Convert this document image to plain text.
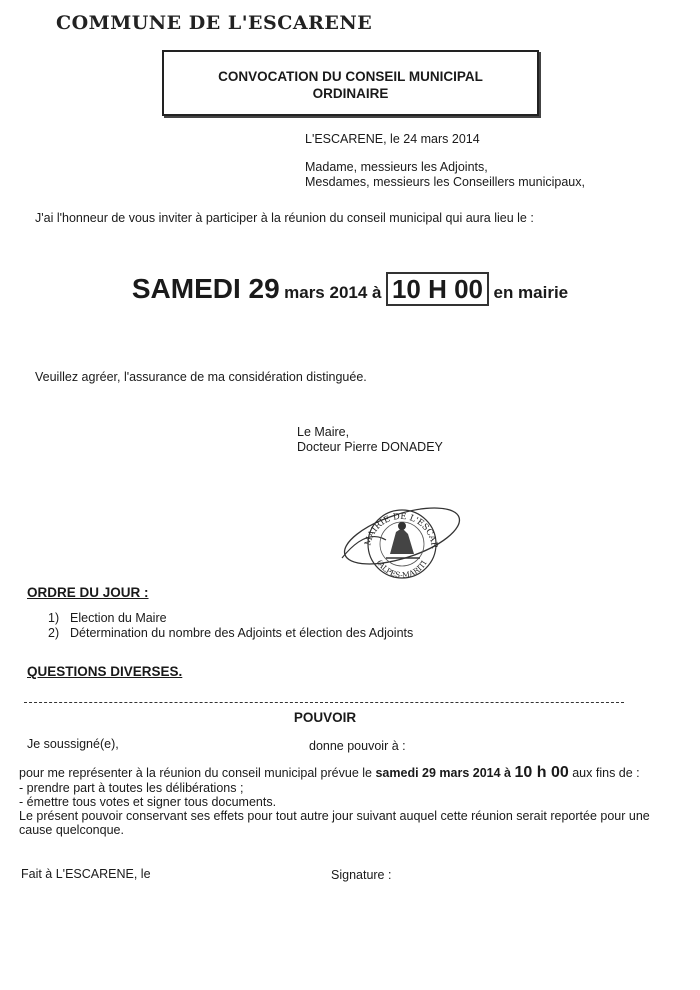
COMMUNE DE L'ESCARENE
CONVOCATION DU CONSEIL MUNICIPAL
ORDINAIRE
L'ESCARENE, le 24 mars 2014
Madame, messieurs les Adjoints,
Mesdames, messieurs les Conseillers municipaux,
J'ai l'honneur de vous inviter à participer à la réunion du conseil municipal qui aura lieu le :
SAMEDI 29 mars 2014 à 10 H 00 en mairie
Veuillez agréer, l'assurance de ma considération distinguée.
Le Maire,
Docteur Pierre DONADEY
MAIRIE DE L'ESCAR
(ALPES-MARITI
ORDRE DU JOUR :
1) Election du Maire
2) Détermination du nombre des Adjoints et élection des Adjoints
QUESTIONS DIVERSES.
POUVOIR
Je soussigné(e),	donne pouvoir à :
pour me représenter à la réunion du conseil municipal prévue le samedi 29 mars 2014 à 10 h 00 aux fins de :
- prendre part à toutes les délibérations ;
- émettre tous votes et signer tous documents.
Le présent pouvoir conservant ses effets pour tout autre jour suivant auquel cette réunion serait reportée pour une
cause quelconque.
Fait à L'ESCARENE, le	Signature :
